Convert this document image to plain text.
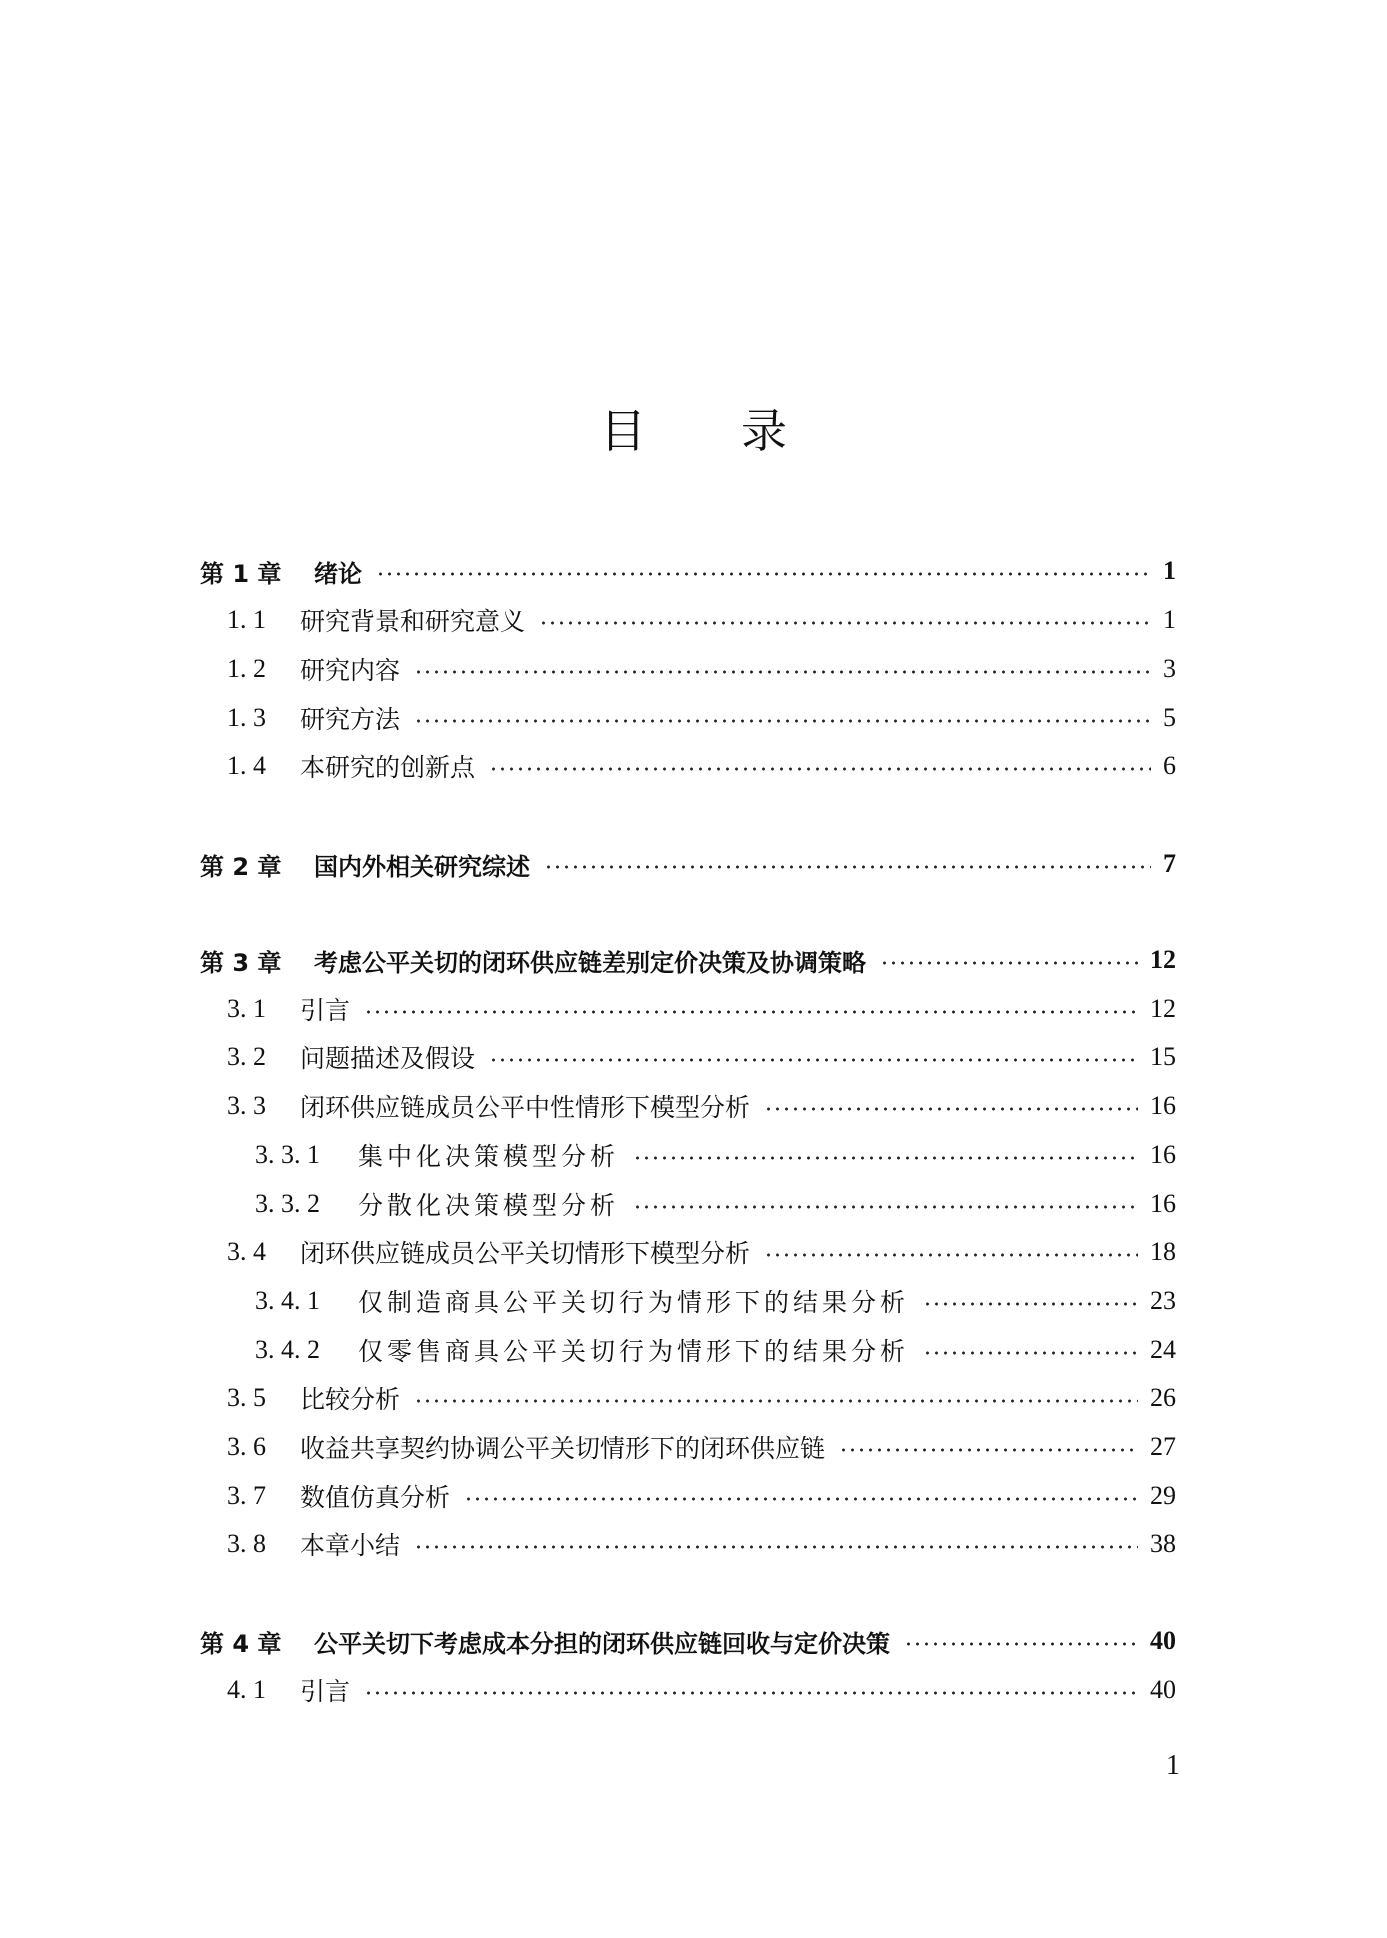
目 录
第 1 章	绪论	1
1. 1	研究背景和研究意义	1
1. 2	研究内容	3
1. 3	研究方法	5
1. 4	本研究的创新点	6
第 2 章	国内外相关研究综述	7
第 3 章	考虑公平关切的闭环供应链差别定价决策及协调策略	12
3. 1	引言	12
3. 2	问题描述及假设	15
3. 3	闭环供应链成员公平中性情形下模型分析	16
3. 3. 1	集中化决策模型分析	16
3. 3. 2	分散化决策模型分析	16
3. 4	闭环供应链成员公平关切情形下模型分析	18
3. 4. 1	仅制造商具公平关切行为情形下的结果分析	23
3. 4. 2	仅零售商具公平关切行为情形下的结果分析	24
3. 5	比较分析	26
3. 6	收益共享契约协调公平关切情形下的闭环供应链	27
3. 7	数值仿真分析	29
3. 8	本章小结	38
第 4 章	公平关切下考虑成本分担的闭环供应链回收与定价决策	40
4. 1	引言	40
1
